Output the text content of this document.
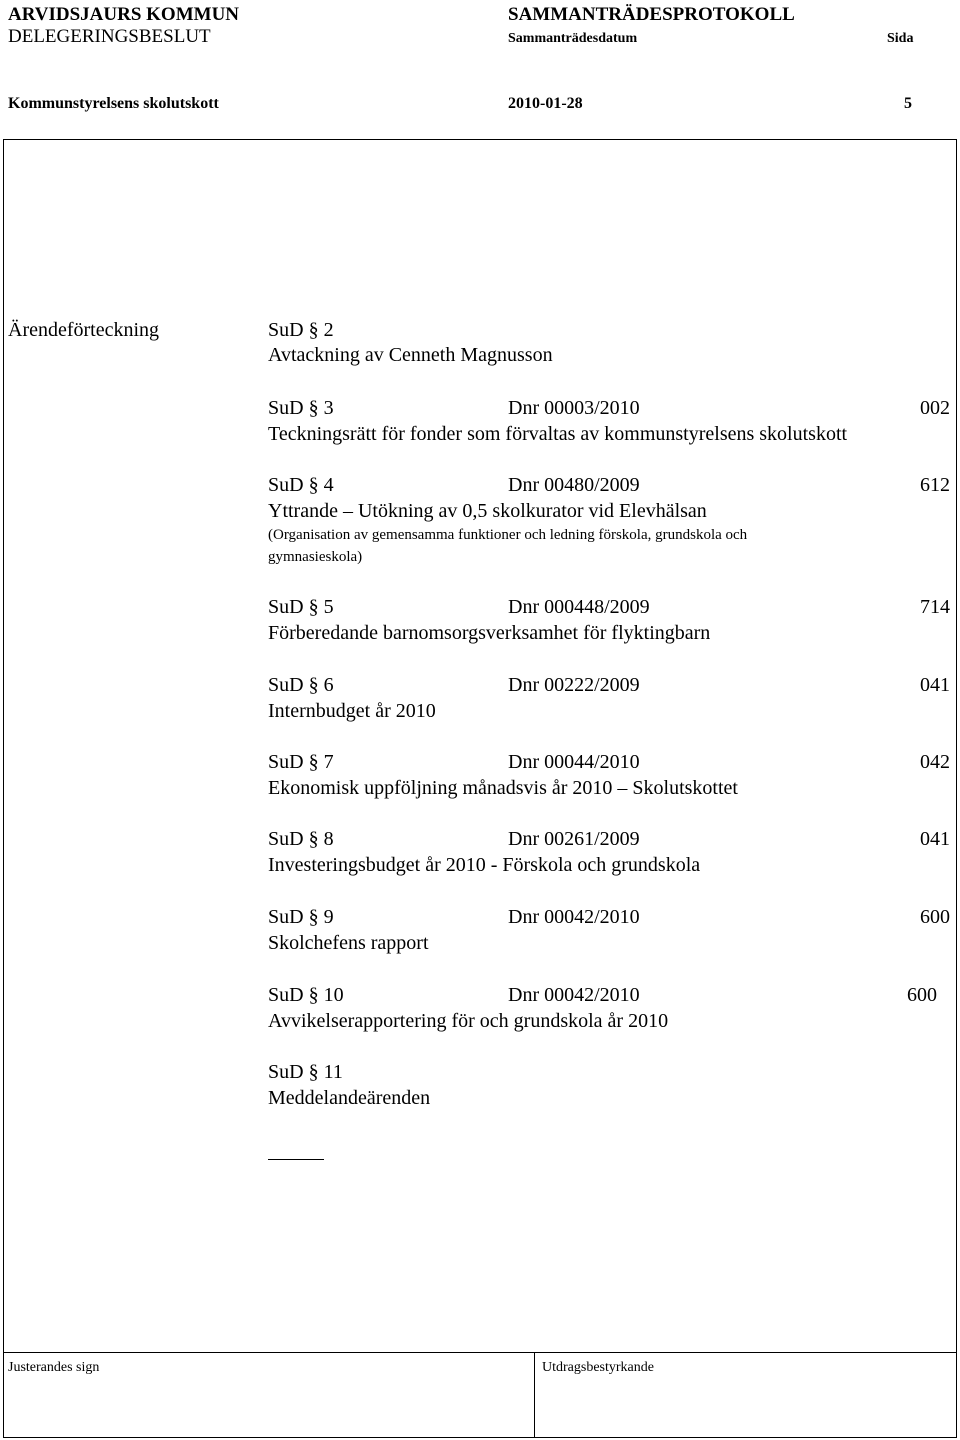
ARVIDSJAURS KOMMUN
DELEGERINGSBESLUT
SAMMANTRÄDESPROTOKOLL
Sammanträdesdatum	Sida
Kommunstyrelsens skolutskott	2010-01-28	5
Ärendeförteckning	SuD § 2
Avtackning av Cenneth Magnusson
SuD § 3	Dnr 00003/2010	002
Teckningsrätt för fonder som förvaltas av kommunstyrelsens skolutskott
SuD § 4	Dnr 00480/2009	612
Yttrande – Utökning av 0,5 skolkurator vid Elevhälsan
(Organisation av gemensamma funktioner och ledning förskola, grundskola och
gymnasieskola)
SuD § 5	Dnr 000448/2009	714
Förberedande barnomsorgsverksamhet för flyktingbarn
SuD § 6	Dnr 00222/2009	041
Internbudget år 2010
SuD § 7	Dnr 00044/2010	042
Ekonomisk uppföljning månadsvis år 2010 – Skolutskottet
SuD § 8	Dnr 00261/2009	041
Investeringsbudget år 2010 - Förskola och grundskola
SuD § 9	Dnr 00042/2010	600
Skolchefens rapport
SuD § 10	Dnr 00042/2010	600
Avvikelserapportering för och grundskola år 2010
SuD § 11
Meddelandeärenden
Justerandes sign	Utdragsbestyrkande
